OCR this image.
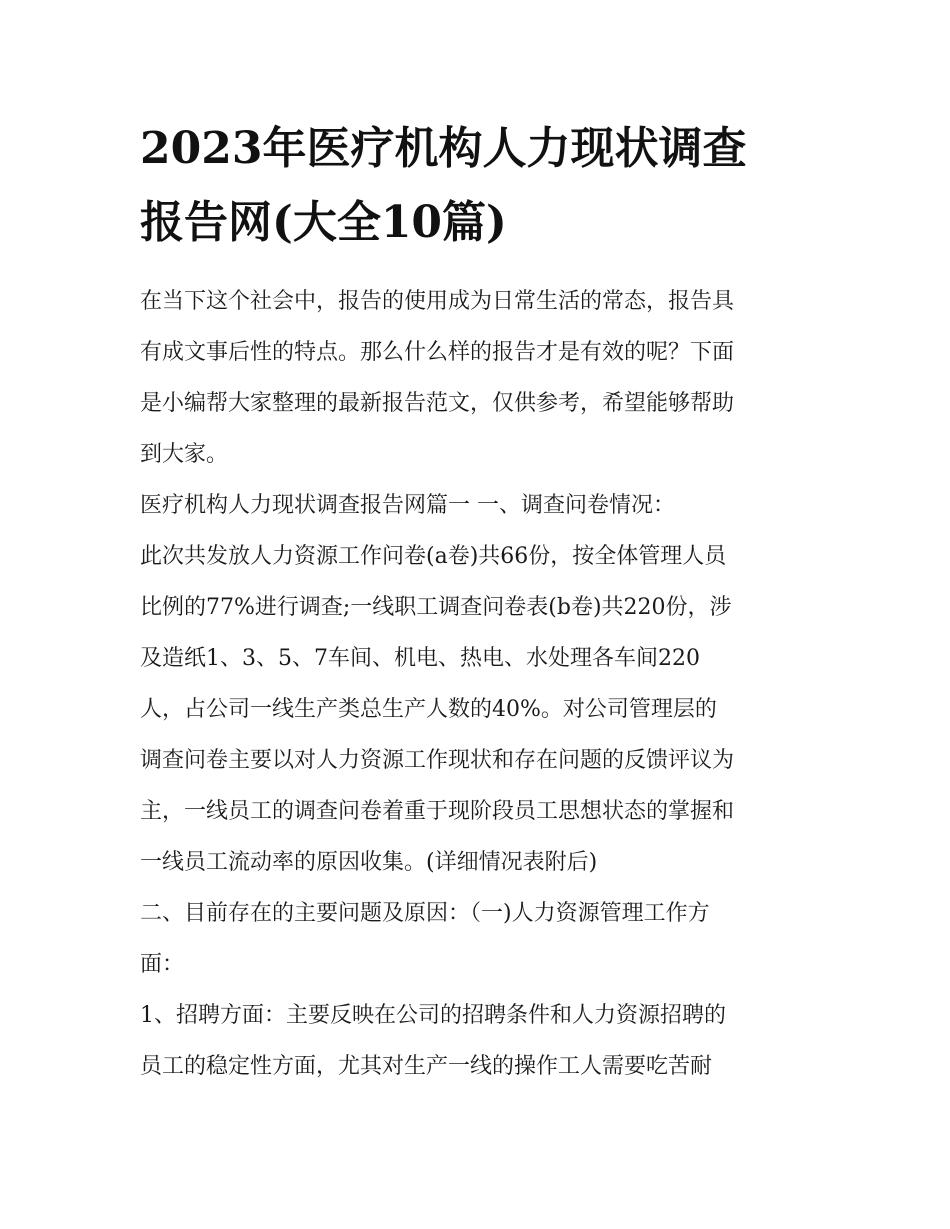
2023年医疗机构人力现状调查
报告网(大全10篇)
在当下这个社会中，报告的使用成为日常生活的常态，报告具
有成文事后性的特点。那么什么样的报告才是有效的呢？下面
是小编帮大家整理的最新报告范文，仅供参考，希望能够帮助
到大家。
医疗机构人力现状调查报告网篇一 一、调查问卷情况：
此次共发放人力资源工作问卷(a卷)共66份，按全体管理人员
比例的77%进行调查;一线职工调查问卷表(b卷)共220份，涉
及造纸1、3、5、7车间、机电、热电、水处理各车间220
人，占公司一线生产类总生产人数的40%。对公司管理层的
调查问卷主要以对人力资源工作现状和存在问题的反馈评议为
主，一线员工的调查问卷着重于现阶段员工思想状态的掌握和
一线员工流动率的原因收集。(详细情况表附后)
二、目前存在的主要问题及原因：（一)人力资源管理工作方
面：
1、招聘方面：主要反映在公司的招聘条件和人力资源招聘的
员工的稳定性方面，尤其对生产一线的操作工人需要吃苦耐
